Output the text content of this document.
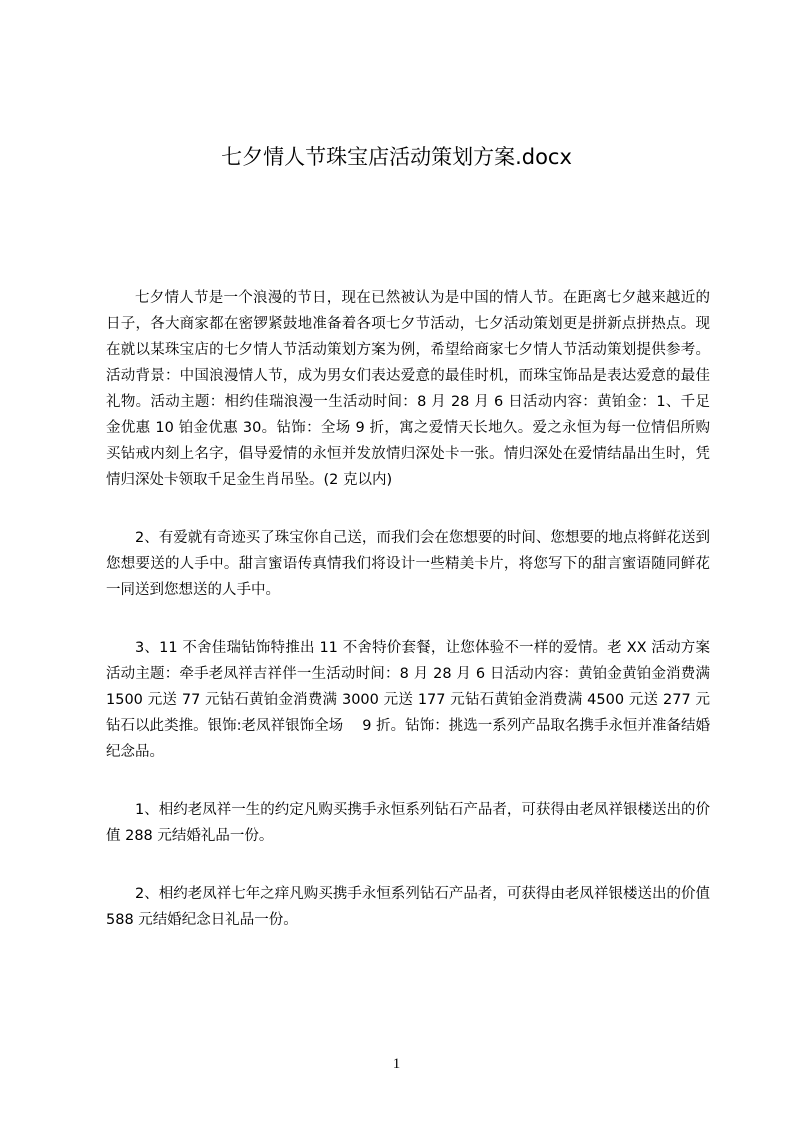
七夕情人节珠宝店活动策划方案.docx

七夕情人节是一个浪漫的节日，现在已然被认为是中国的情人节。在距离七夕越来越近的日子，各大商家都在密锣紧鼓地准备着各项七夕节活动，七夕活动策划更是拼新点拼热点。现在就以某珠宝店的七夕情人节活动策划方案为例，希望给商家七夕情人节活动策划提供参考。活动背景：中国浪漫情人节，成为男女们表达爱意的最佳时机，而珠宝饰品是表达爱意的最佳礼物。活动主题：相约佳瑞浪漫一生活动时间：8 月 28 月 6 日活动内容：黄铂金：1、千足金优惠 10 铂金优惠 30。钻饰：全场 9 折，寓之爱情天长地久。爱之永恒为每一位情侣所购买钻戒内刻上名字，倡导爱情的永恒并发放情归深处卡一张。情归深处在爱情结晶出生时，凭情归深处卡领取千足金生肖吊坠。(2 克以内)

2、有爱就有奇迹买了珠宝你自己送，而我们会在您想要的时间、您想要的地点将鲜花送到您想要送的人手中。甜言蜜语传真情我们将设计一些精美卡片，将您写下的甜言蜜语随同鲜花一同送到您想送的人手中。

3、11 不舍佳瑞钻饰特推出 11 不舍特价套餐，让您体验不一样的爱情。老 XX 活动方案活动主题：牵手老凤祥吉祥伴一生活动时间：8 月 28 月 6 日活动内容：黄铂金黄铂金消费满 1500 元送 77 元钻石黄铂金消费满 3000 元送 177 元钻石黄铂金消费满 4500 元送 277 元钻石以此类推。银饰:老凤祥银饰全场　 9 折。钻饰：挑选一系列产品取名携手永恒并准备结婚纪念品。

1、相约老凤祥一生的约定凡购买携手永恒系列钻石产品者，可获得由老凤祥银楼送出的价值 288 元结婚礼品一份。

2、相约老凤祥七年之痒凡购买携手永恒系列钻石产品者，可获得由老凤祥银楼送出的价值 588 元结婚纪念日礼品一份。

1
